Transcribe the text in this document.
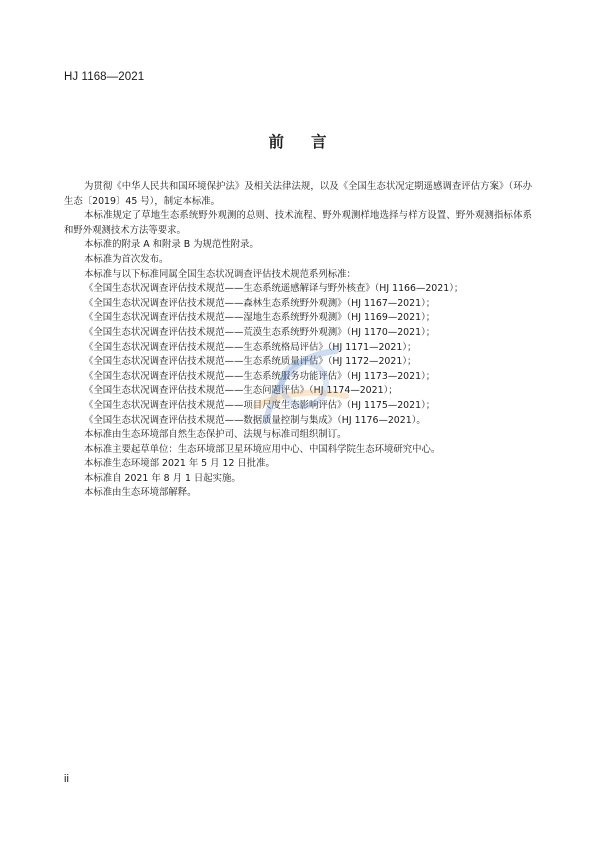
HJ 1168—2021
前言

为贯彻《中华人民共和国环境保护法》及相关法律法规，以及《全国生态状况定期遥感调查评估方案》（环办生态〔2019〕45 号），制定本标准。

本标准规定了草地生态系统野外观测的总则、技术流程、野外观测样地选择与样方设置、野外观测指标体系和野外观测技术方法等要求。

本标准的附录 A 和附录 B 为规范性附录。

本标准为首次发布。

本标准与以下标准同属全国生态状况调查评估技术规范系列标准：

《全国生态状况调查评估技术规范——生态系统遥感解译与野外核查》（HJ 1166—2021）；

《全国生态状况调查评估技术规范——森林生态系统野外观测》（HJ 1167—2021）；

《全国生态状况调查评估技术规范——湿地生态系统野外观测》（HJ 1169—2021）；

《全国生态状况调查评估技术规范——荒漠生态系统野外观测》（HJ 1170—2021）；

《全国生态状况调查评估技术规范——生态系统格局评估》（HJ 1171—2021）；

《全国生态状况调查评估技术规范——生态系统质量评估》（HJ 1172—2021）；

《全国生态状况调查评估技术规范——生态系统服务功能评估》（HJ 1173—2021）；

《全国生态状况调查评估技术规范——生态问题评估》（HJ 1174—2021）；

《全国生态状况调查评估技术规范——项目尺度生态影响评估》（HJ 1175—2021）；

《全国生态状况调查评估技术规范——数据质量控制与集成》（HJ 1176—2021）。

本标准由生态环境部自然生态保护司、法规与标准司组织制订。

本标准主要起草单位：生态环境部卫星环境应用中心、中国科学院生态环境研究中心。

本标准生态环境部 2021 年 5 月 12 日批准。

本标准自 2021 年 8 月 1 日起实施。

本标准由生态环境部解释。

ii
